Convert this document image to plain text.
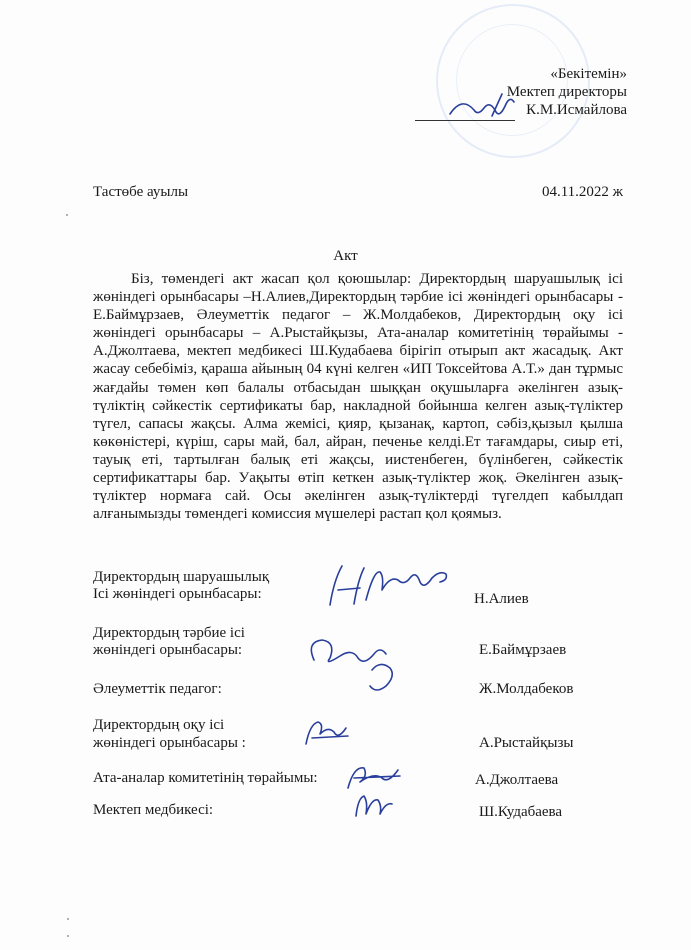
«Бекітемін»
Мектеп директоры
К.М.Исмайлова
Тастөбе ауылы	04.11.2022 ж
Акт

Біз, төмендегі акт жасап қол қоюшылар: Директордың шаруашылық ісі жөніндегі орынбасары –Н.Алиев,Директордың тәрбие ісі жөніндегі орынбасары - Е.Баймұрзаев, Әлеуметтік педагог – Ж.Молдабеков, Директордың оқу ісі жөніндегі орынбасары – А.Рыстайқызы, Ата-аналар комитетінің төрайымы - А.Джолтаева, мектеп медбикесі Ш.Кудабаева бірігіп отырып акт жасадық. Акт жасау себебіміз, қараша айының 04 күні келген «ИП Токсейтова А.Т.» дан тұрмыс жағдайы төмен көп балалы отбасыдан шыққан оқушыларға әкелінген азық-түліктің сәйкестік сертификаты бар, накладной бойынша келген азық-түліктер түгел, сапасы жақсы. Алма жемісі, қияр, қызанақ, картоп, сәбіз,қызыл қылша көкөністері, күріш, сары май, бал, айран, печенье келді.Ет тағамдары, сиыр еті, тауық еті, тартылған балық еті жақсы, иистенбеген, бүлінбеген, сәйкестік сертификаттары бар. Уақыты өтіп кеткен азық-түліктер жоқ. Әкелінген азық-түліктер нормаға сай. Осы әкелінген азық-түліктерді түгелдеп кабылдап алғанымызды төмендегі комиссия мүшелері растап қол қоямыз.

Директордың шаруашылық
Ісі жөніндегі орынбасары:	Н.Алиев
Директордың тәрбие ісі
жөніндегі орынбасары:	Е.Баймұрзаев
Әлеуметтік педагог:	Ж.Молдабеков
Директордың оқу ісі
жөніндегі орынбасары :	А.Рыстайқызы
Ата-аналар комитетінің төрайымы:	А.Джолтаева
Мектеп медбикесі:	Ш.Кудабаева
